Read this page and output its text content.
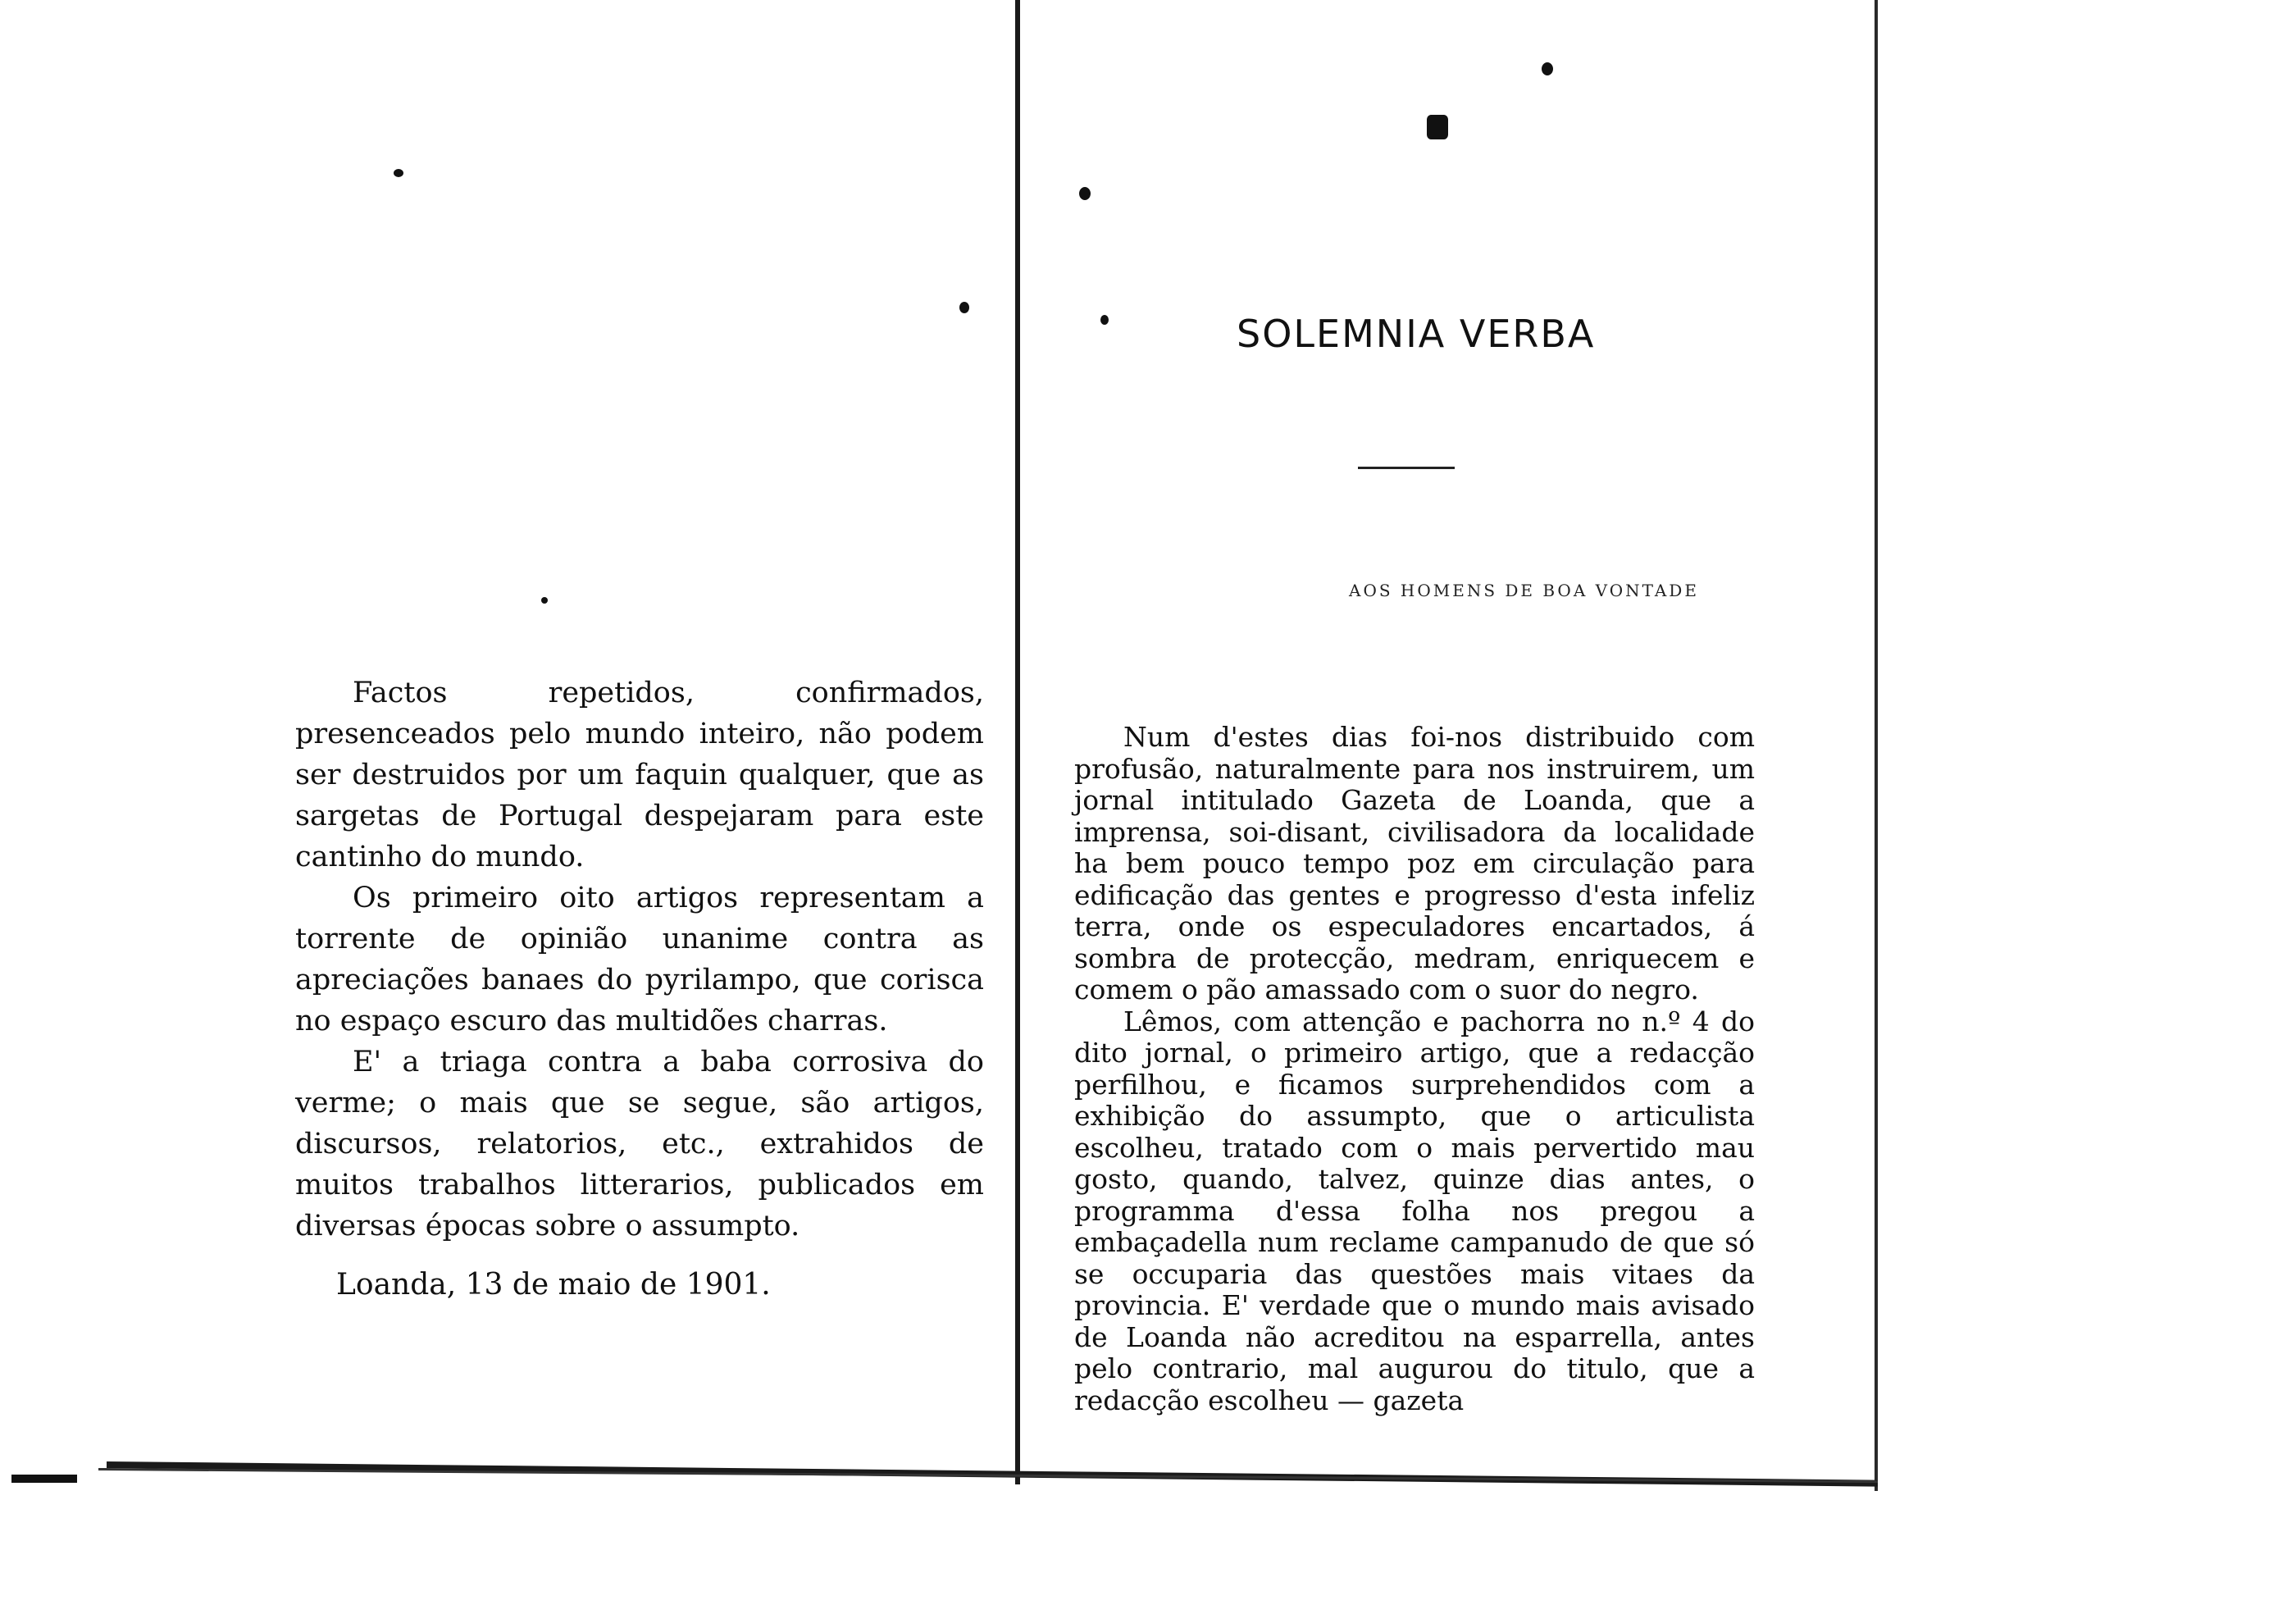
Factos repetidos, confirmados, presenceados pelo mundo inteiro, não podem ser destruidos por um faquin qualquer, que as sargetas de Portugal despejaram para este cantinho do mundo.

Os primeiro oito artigos representam a torrente de opinião unanime contra as apreciações banaes do pyrilampo, que corisca no espaço escuro das multidões charras.

E' a triaga contra a baba corrosiva do verme; o mais que se segue, são artigos, discursos, relatorios, etc., extrahidos de muitos trabalhos litterarios, publicados em diversas épocas sobre o assumpto.

Loanda, 13 de maio de 1901.
SOLEMNIA VERBA
AOS HOMENS DE BOA VONTADE

Num d'estes dias foi-nos distribuido com profusão, naturalmente para nos instruirem, um jornal intitulado Gazeta de Loanda, que a imprensa, soi-disant, civilisadora da localidade ha bem pouco tempo poz em circulação para edificação das gentes e progresso d'esta infeliz terra, onde os especuladores encartados, á sombra de protecção, medram, enriquecem e comem o pão amassado com o suor do negro.

Lêmos, com attenção e pachorra no n.º 4 do dito jornal, o primeiro artigo, que a redacção perfilhou, e ficamos surprehendidos com a exhibição do assumpto, que o articulista escolheu, tratado com o mais pervertido mau gosto, quando, talvez, quinze dias antes, o programma d'essa folha nos pregou a embaçadella num reclame campanudo de que só se occuparia das questões mais vitaes da provincia. E' verdade que o mundo mais avisado de Loanda não acreditou na esparrella, antes pelo contrario, mal augurou do titulo, que a redacção escolheu — gazeta
